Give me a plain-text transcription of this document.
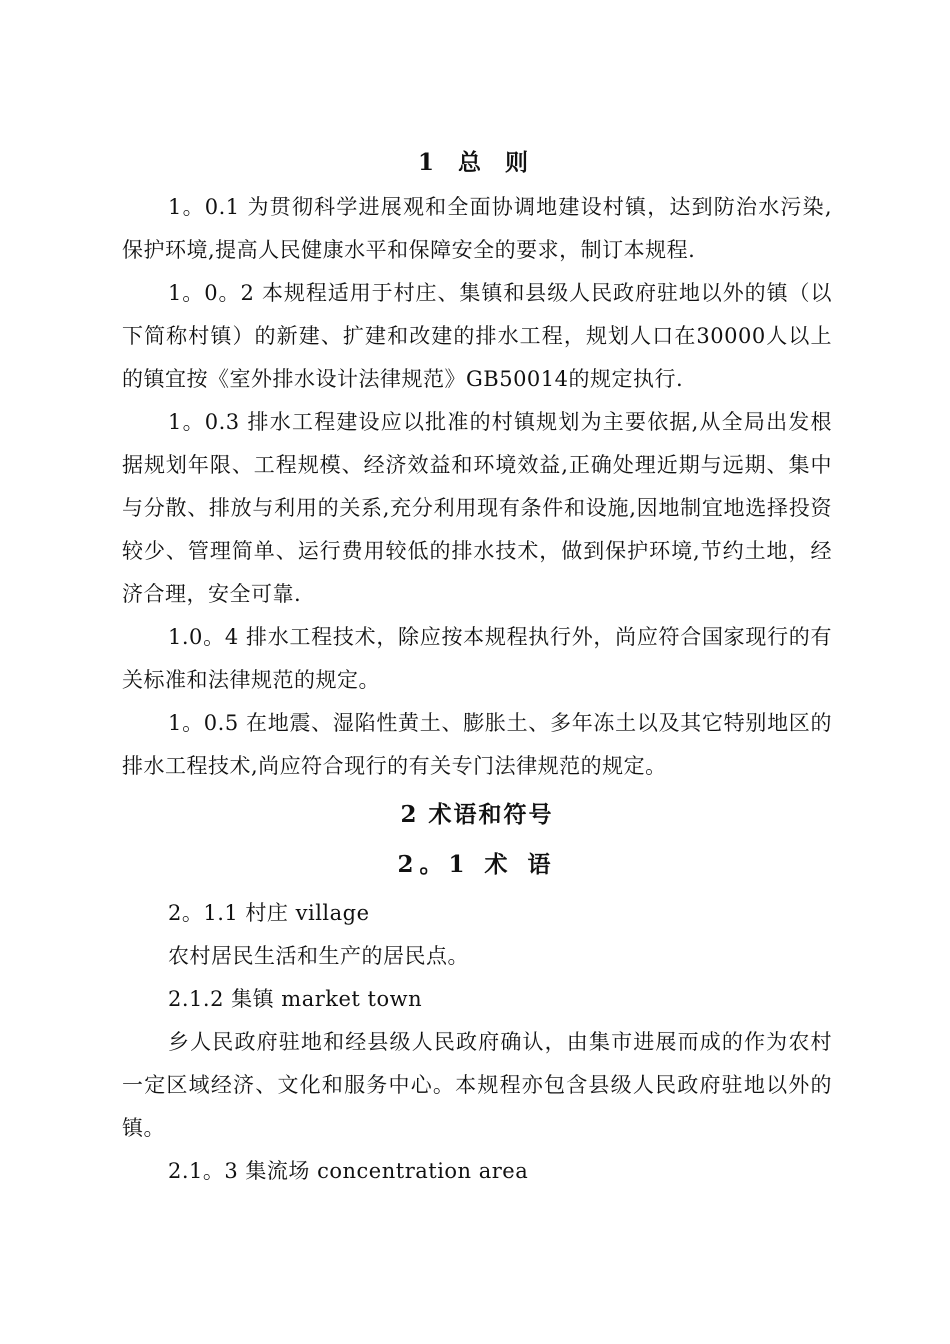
1 总 则

1。0.1 为贯彻科学进展观和全面协调地建设村镇，达到防治水污染,保护环境,提高人民健康水平和保障安全的要求，制订本规程.

1。0。2 本规程适用于村庄、集镇和县级人民政府驻地以外的镇（以下简称村镇）的新建、扩建和改建的排水工程，规划人口在30000人以上的镇宜按《室外排水设计法律规范》GB50014的规定执行.

1。0.3 排水工程建设应以批准的村镇规划为主要依据,从全局出发根据规划年限、工程规模、经济效益和环境效益,正确处理近期与远期、集中与分散、排放与利用的关系,充分利用现有条件和设施,因地制宜地选择投资较少、管理简单、运行费用较低的排水技术，做到保护环境,节约土地，经济合理，安全可靠.

1.0。4 排水工程技术，除应按本规程执行外，尚应符合国家现行的有关标准和法律规范的规定。

1。0.5 在地震、湿陷性黄土、膨胀土、多年冻土以及其它特别地区的排水工程技术,尚应符合现行的有关专门法律规范的规定。

2 术语和符号
2。1 术 语
2。1.1 村庄 village
农村居民生活和生产的居民点。
2.1.2 集镇 market town

乡人民政府驻地和经县级人民政府确认，由集市进展而成的作为农村一定区域经济、文化和服务中心。本规程亦包含县级人民政府驻地以外的镇。

2.1。3 集流场 concentration area
